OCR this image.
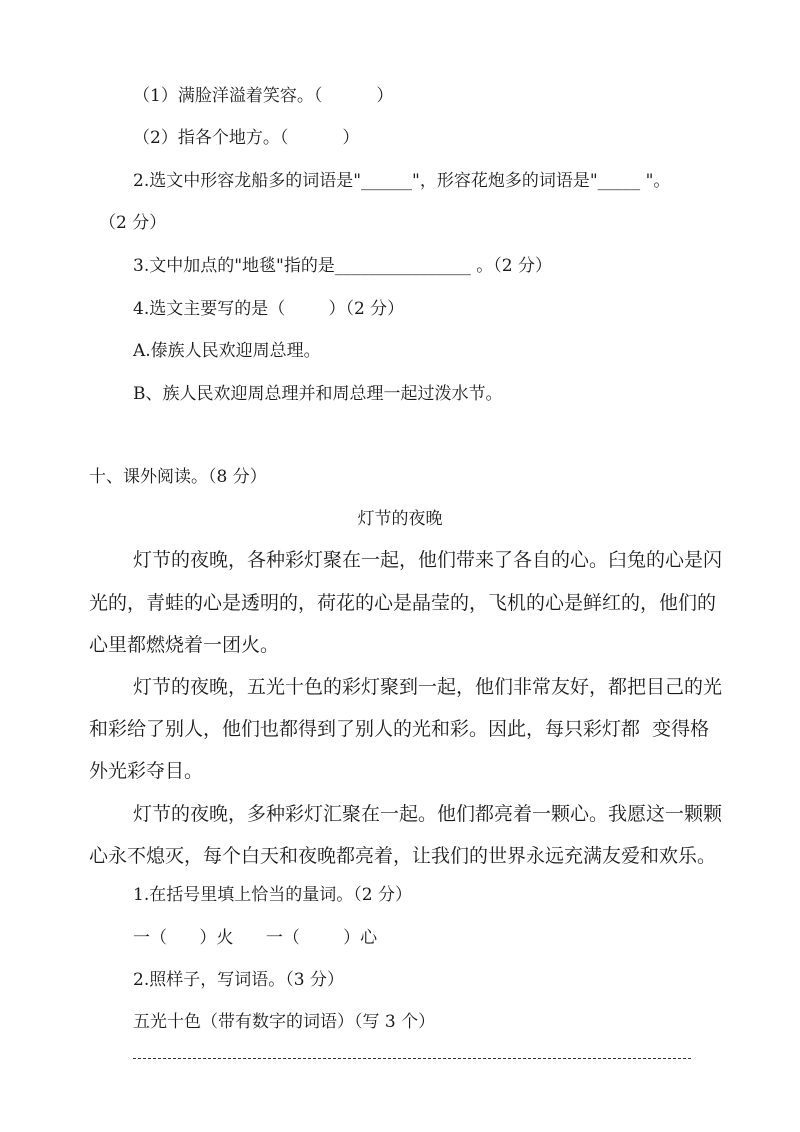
（1）满脸洋溢着笑容。（          ）
（2）指各个地方。（          ）
2.选文中形容龙船多的词语是"______"，形容花炮多的词语是"_____ "。
（2 分）
3.文中加点的"地毯"指的是________________ 。（2 分）
4.选文主要写的是（        ）（2 分）
A.傣族人民欢迎周总理。
B、族人民欢迎周总理并和周总理一起过泼水节。
十、课外阅读。（8 分）
灯节的夜晚
灯节的夜晚，各种彩灯聚在一起，他们带来了各自的心。臼兔的心是闪
光的，青蛙的心是透明的，荷花的心是晶莹的，飞机的心是鲜红的，他们的
心里都燃烧着一团火。
灯节的夜晚，五光十色的彩灯聚到一起，他们非常友好，都把目己的光
和彩给了别人，他们也都得到了别人的光和彩。因此，每只彩灯都  变得格
外光彩夺目。
灯节的夜晚，多种彩灯汇聚在一起。他们都亮着一颗心。我愿这一颗颗
心永不熄灭，每个白天和夜晚都亮着，让我们的世界永远充满友爱和欢乐。
1.在括号里填上恰当的量词。（2 分）
一（      ）火      一（        ）心
2.照样子，写词语。（3 分）
五光十色（带有数字的词语）（写 3 个）
